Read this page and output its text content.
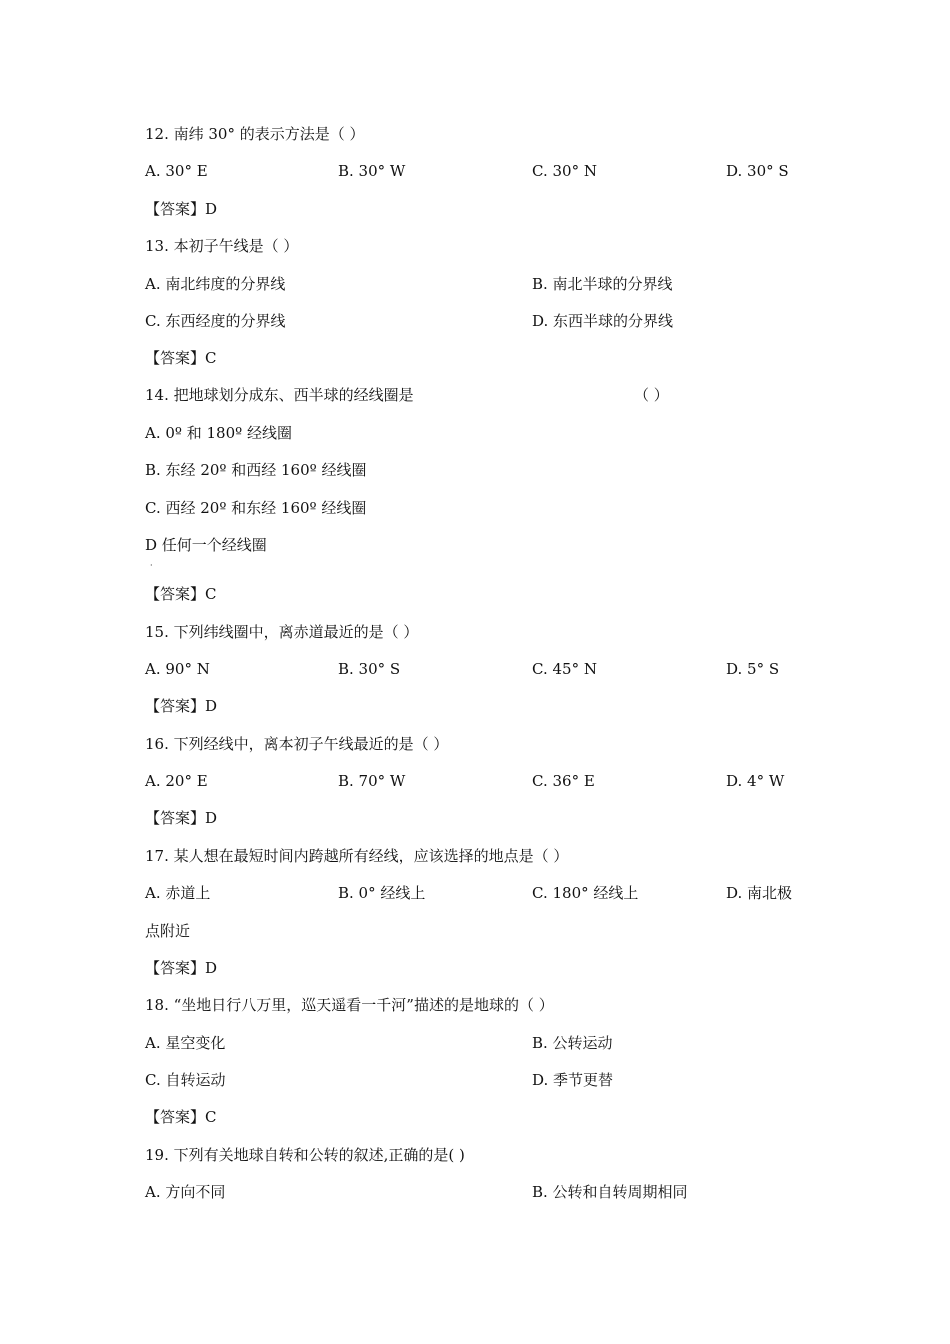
12. 南纬 30° 的表示方法是（ ）
A. 30° E	B. 30° W	C. 30° N	D. 30° S
【答案】D
13. 本初子午线是（ ）
A. 南北纬度的分界线	B. 南北半球的分界线
C. 东西经度的分界线	D. 东西半球的分界线
【答案】C
14. 把地球划分成东、西半球的经线圈是	（ ）
A. 0º 和 180º 经线圈
B. 东经 20º 和西经 160º 经线圈
C. 西经 20º 和东经 160º 经线圈
D 任何一个经线圈
·
【答案】C
15. 下列纬线圈中，离赤道最近的是（ ）
A. 90° N	B. 30° S	C. 45° N	D. 5° S
【答案】D
16. 下列经线中，离本初子午线最近的是（ ）
A. 20° E	B. 70° W	C. 36° E	D. 4° W
【答案】D
17. 某人想在最短时间内跨越所有经线，应该选择的地点是（ ）
A. 赤道上	B. 0° 经线上	C. 180° 经线上	D. 南北极
点附近
【答案】D
18. “坐地日行八万里，巡天遥看一千河”描述的是地球的（ ）
A. 星空变化	B. 公转运动
C. 自转运动	D. 季节更替
【答案】C
19. 下列有关地球自转和公转的叙述,正确的是( )
A. 方向不同	B. 公转和自转周期相同
